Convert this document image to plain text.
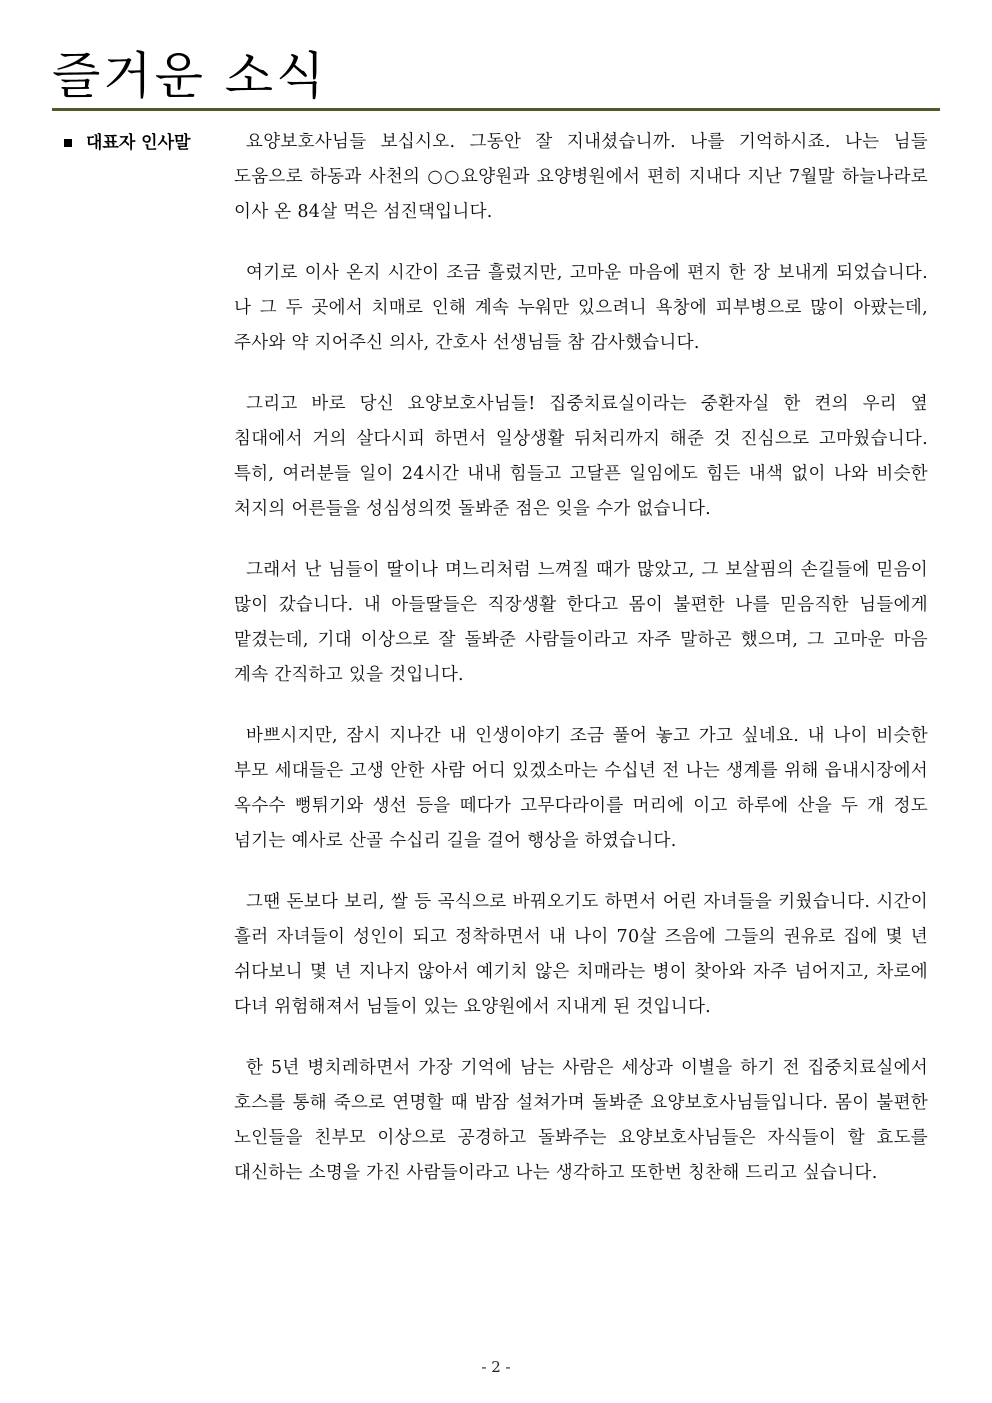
즐거운 소식
대표자 인사말	요양보호사님들 보십시오. 그동안 잘 지내셨습니까. 나를 기억하시죠. 나는 님들 도움으로 하동과 사천의 ○○요양원과 요양병원에서 편히 지내다 지난 7월말 하늘나라로 이사 온 84살 먹은 섬진댁입니다.

여기로 이사 온지 시간이 조금 흘렀지만, 고마운 마음에 편지 한 장 보내게 되었습니다. 나 그 두 곳에서 치매로 인해 계속 누워만 있으려니 욕창에 피부병으로 많이 아팠는데, 주사와 약 지어주신 의사, 간호사 선생님들 참 감사했습니다.

그리고 바로 당신 요양보호사님들! 집중치료실이라는 중환자실 한 켠의 우리 옆 침대에서 거의 살다시피 하면서 일상생활 뒤처리까지 해준 것 진심으로 고마웠습니다. 특히, 여러분들 일이 24시간 내내 힘들고 고달픈 일임에도 힘든 내색 없이 나와 비슷한 처지의 어른들을 성심성의껏 돌봐준 점은 잊을 수가 없습니다.

그래서 난 님들이 딸이나 며느리처럼 느껴질 때가 많았고, 그 보살핌의 손길들에 믿음이 많이 갔습니다. 내 아들딸들은 직장생활 한다고 몸이 불편한 나를 믿음직한 님들에게 맡겼는데, 기대 이상으로 잘 돌봐준 사람들이라고 자주 말하곤 했으며, 그 고마운 마음 계속 간직하고 있을 것입니다.

바쁘시지만, 잠시 지나간 내 인생이야기 조금 풀어 놓고 가고 싶네요. 내 나이 비슷한 부모 세대들은 고생 안한 사람 어디 있겠소마는 수십년 전 나는 생계를 위해 읍내시장에서 옥수수 뻥튀기와 생선 등을 떼다가 고무다라이를 머리에 이고 하루에 산을 두 개 정도 넘기는 예사로 산골 수십리 길을 걸어 행상을 하였습니다.

그땐 돈보다 보리, 쌀 등 곡식으로 바꿔오기도 하면서 어린 자녀들을 키웠습니다. 시간이 흘러 자녀들이 성인이 되고 정착하면서 내 나이 70살 즈음에 그들의 권유로 집에 몇 년 쉬다보니 몇 년 지나지 않아서 예기치 않은 치매라는 병이 찾아와 자주 넘어지고, 차로에 다녀 위험해져서 님들이 있는 요양원에서 지내게 된 것입니다.

한 5년 병치레하면서 가장 기억에 남는 사람은 세상과 이별을 하기 전 집중치료실에서 호스를 통해 죽으로 연명할 때 밤잠 설쳐가며 돌봐준 요양보호사님들입니다. 몸이 불편한 노인들을 친부모 이상으로 공경하고 돌봐주는 요양보호사님들은 자식들이 할 효도를 대신하는 소명을 가진 사람들이라고 나는 생각하고 또한번 칭찬해 드리고 싶습니다.

- 2 -
